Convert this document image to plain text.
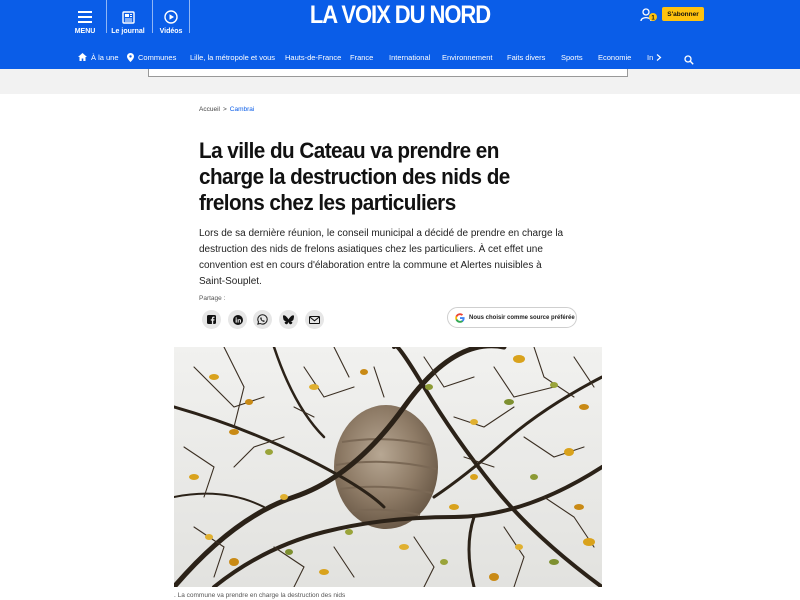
MENU Le journal Vidéos
LA VOIX DU NORD	1
S'abonner
À la une	Communes Lille, la métropole et vous Hauts-de-France France International Environnement Faits divers Sports Economie In
Accueil > Cambrai
La ville du Cateau va prendre en charge la destruction des nids de frelons chez les particuliers

Lors de sa dernière réunion, le conseil municipal a décidé de prendre en charge la destruction des nids de frelons asiatiques chez les particuliers. À cet effet une convention est en cours d'élaboration entre la commune et Alertes nuisibles à Saint-Souplet.

Partage :
Nous choisir comme source préférée
. La commune va prendre en charge la destruction des nids
